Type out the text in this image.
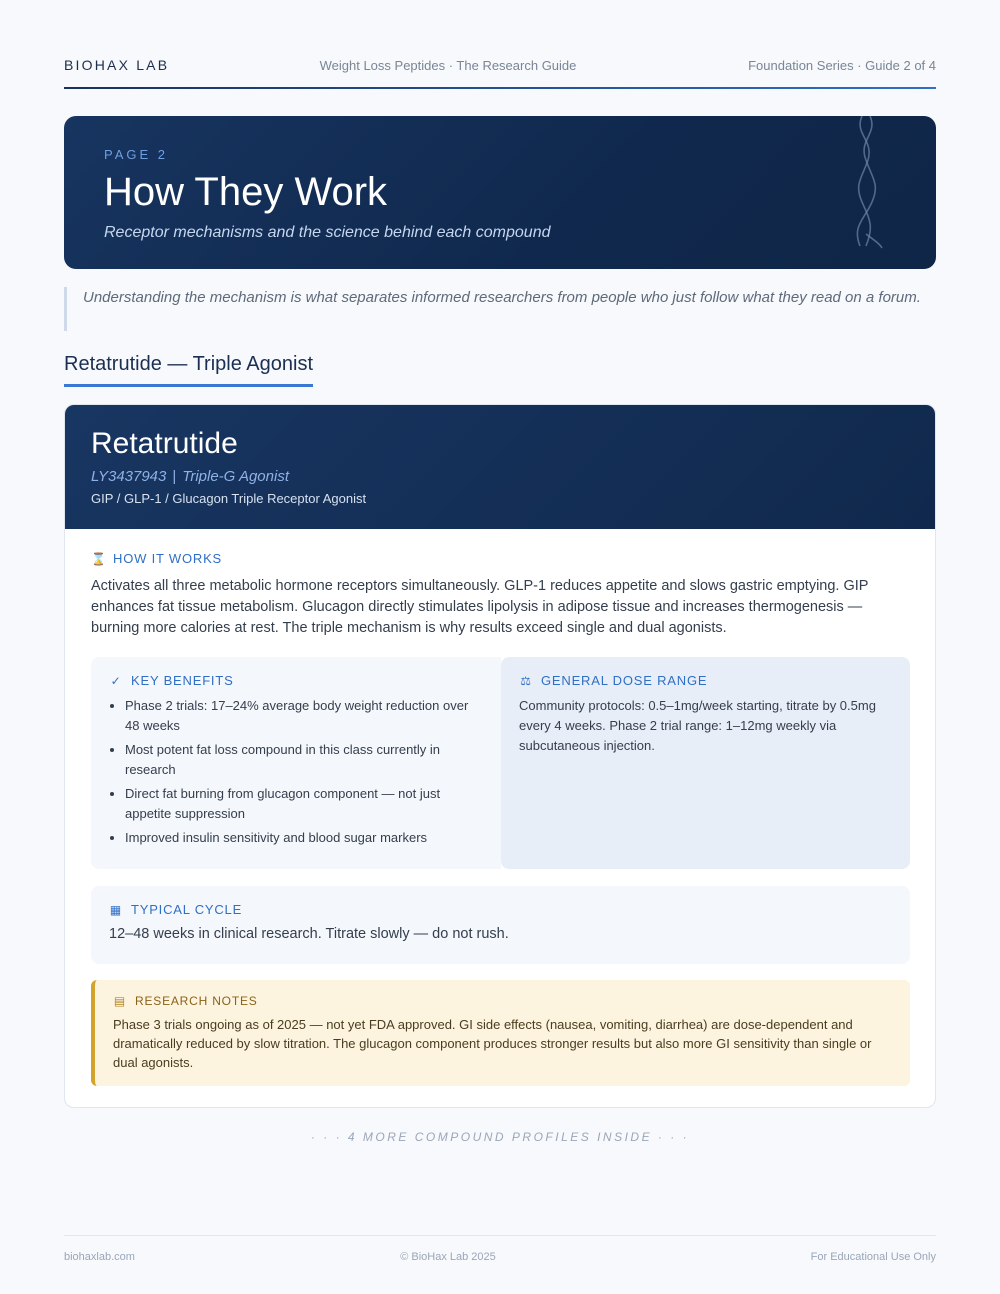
BIOHAX LAB	Weight Loss Peptides · The Research Guide	Foundation Series · Guide 2 of 4
PAGE 2
How They Work
Receptor mechanisms and the science behind each compound

Understanding the mechanism is what separates informed researchers from people who just follow what they read on a forum.

Retatrutide — Triple Agonist
Retatrutide
LY3437943 | Triple-G Agonist
GIP / GLP-1 / Glucagon Triple Receptor Agonist
⌛ HOW IT WORKS

Activates all three metabolic hormone receptors simultaneously. GLP-1 reduces appetite and slows gastric emptying. GIP enhances fat tissue metabolism. Glucagon directly stimulates lipolysis in adipose tissue and increases thermogenesis — burning more calories at rest. The triple mechanism is why results exceed single and dual agonists.

✓ KEY BENEFITS
• Phase 2 trials: 17–24% average body weight reduction over 48 weeks
• Most potent fat loss compound in this class currently in research
• Direct fat burning from glucagon component — not just appetite suppression
• Improved insulin sensitivity and blood sugar markers
⚖ GENERAL DOSE RANGE

Community protocols: 0.5–1mg/week starting, titrate by 0.5mg every 4 weeks. Phase 2 trial range: 1–12mg weekly via subcutaneous injection.

▦ TYPICAL CYCLE

12–48 weeks in clinical research. Titrate slowly — do not rush.

▤ RESEARCH NOTES

Phase 3 trials ongoing as of 2025 — not yet FDA approved. GI side effects (nausea, vomiting, diarrhea) are dose-dependent and dramatically reduced by slow titration. The glucagon component produces stronger results but also more GI sensitivity than single or dual agonists.

· · · 4 MORE COMPOUND PROFILES INSIDE · · ·
biohaxlab.com	© BioHax Lab 2025	For Educational Use Only
